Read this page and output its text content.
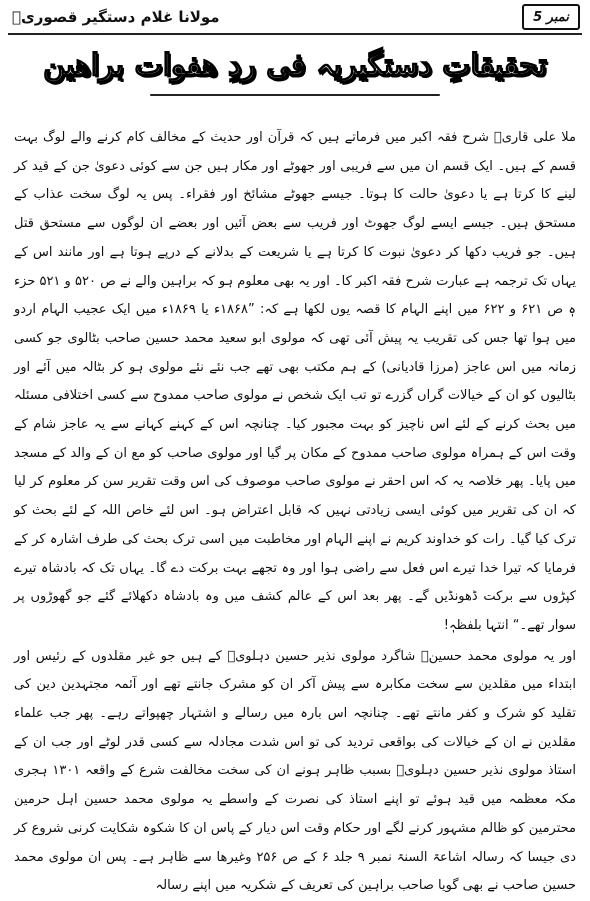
مولانا غلام دستگیر قصوریؒ	نمبر 5
تحقیقاتِ دستگیریہ فی ردِ ھفوات براھین

ملا علی قاریؒ شرح فقہ اکبر میں فرماتے ہیں کہ قرآن اور حدیث کے مخالف کام کرنے والے لوگ بہت قسم کے ہیں۔ ایک قسم ان میں سے فریبی اور جھوٹے اور مکار ہیں جن سے کوئی دعویٰ جن کے قید کر لینے کا کرتا ہے یا دعویٰ حالت کا ہوتا۔ جیسے جھوٹے مشائخ اور فقراء۔ پس یہ لوگ سخت عذاب کے مستحق ہیں۔ جیسے ایسے لوگ جھوٹ اور فریب سے بعض آئیں اور بعضے ان لوگوں سے مستحق قتل ہیں۔ جو فریب دکھا کر دعویٰ نبوت کا کرتا ہے یا شریعت کے بدلانے کے درپے ہوتا ہے اور مانند اس کے یہاں تک ترجمہ ہے عبارت شرح فقہ اکبر کا۔ اور یہ بھی معلوم ہو کہ براہین والے نے ص ۵۲۰ و ۵۲۱ حزء ہٖ ص ۶۲۱ و ۶۲۲ میں اپنے الہام کا قصہ یوں لکھا ہے کہ: ”۱۸۶۸ء یا ۱۸۶۹ء میں ایک عجیب الہام اردو میں ہوا تھا جس کی تقریب یہ پیش آئی تھی کہ مولوی ابو سعید محمد حسین صاحب بٹالوی جو کسی زمانہ میں اس عاجز (مرزا قادیانی) کے ہم مکتب بھی تھے جب نئے نئے مولوی ہو کر بٹالہ میں آئے اور بٹالیوں کو ان کے خیالات گراں گزرے تو تب ایک شخص نے مولوی صاحب ممدوح سے کسی اختلافی مسئلہ میں بحث کرنے کے لئے اس ناچیز کو بہت مجبور کیا۔ چنانچہ اس کے کہنے کہانے سے یہ عاجز شام کے وقت اس کے ہمراہ مولوی صاحب ممدوح کے مکان پر گیا اور مولوی صاحب کو مع ان کے والد کے مسجد میں پایا۔ پھر خلاصہ یہ کہ اس احقر نے مولوی صاحب موصوف کی اس وقت تقریر سن کر معلوم کر لیا کہ ان کی تقریر میں کوئی ایسی زیادتی نہیں کہ قابل اعتراض ہو۔ اس لئے خاص اللہ کے لئے بحث کو ترک کیا گیا۔ رات کو خداوند کریم نے اپنے الہام اور مخاطبت میں اسی ترک بحث کی طرف اشارہ کر کے فرمایا کہ تیرا خدا تیرے اس فعل سے راضی ہوا اور وہ تجھے بہت برکت دے گا۔ یہاں تک کہ بادشاہ تیرے کپڑوں سے برکت ڈھونڈیں گے۔ پھر بعد اس کے عالم کشف میں وہ بادشاہ دکھلائے گئے جو گھوڑوں پر سوار تھے۔“ انتہا بلفظہٖ!

اور یہ مولوی محمد حسینؒ شاگرد مولوی نذیر حسین دہلویؒ کے ہیں جو غیر مقلدوں کے رئیس اور ابتداء میں مقلدین سے سخت مکابرہ سے پیش آکر ان کو مشرک جانتے تھے اور آئمہ مجتہدین دین کی تقلید کو شرک و کفر مانتے تھے۔ چنانچہ اس بارہ میں رسالے و اشتہار چھپواتے رہے۔ پھر جب علماء مقلدین نے ان کے خیالات کی بواقعی تردید کی تو اس شدت مجادلہ سے کسی قدر لوٹے اور جب ان کے استاذ مولوی نذیر حسین دہلویؒ بسبب ظاہر ہونے ان کی سخت مخالفت شرع کے واقعہ ۱۳۰۱ ہجری مکہ معظمہ میں قید ہوئے تو اپنے استاذ کی نصرت کے واسطے یہ مولوی محمد حسین اہل حرمین محترمین کو ظالم مشہور کرنے لگے اور حکام وقت اس دیار کے پاس ان کا شکوہ شکایت کرنی شروع کر دی جیسا کہ رسالہ اشاعۃ السنۃ نمبر ۹ جلد ۶ کے ص ۲۵۶ وغیرھا سے ظاہر ہے۔ پس ان مولوی محمد حسین صاحب نے بھی گویا صاحب براہین کی تعریف کے شکریہ میں اپنے رسالہ
